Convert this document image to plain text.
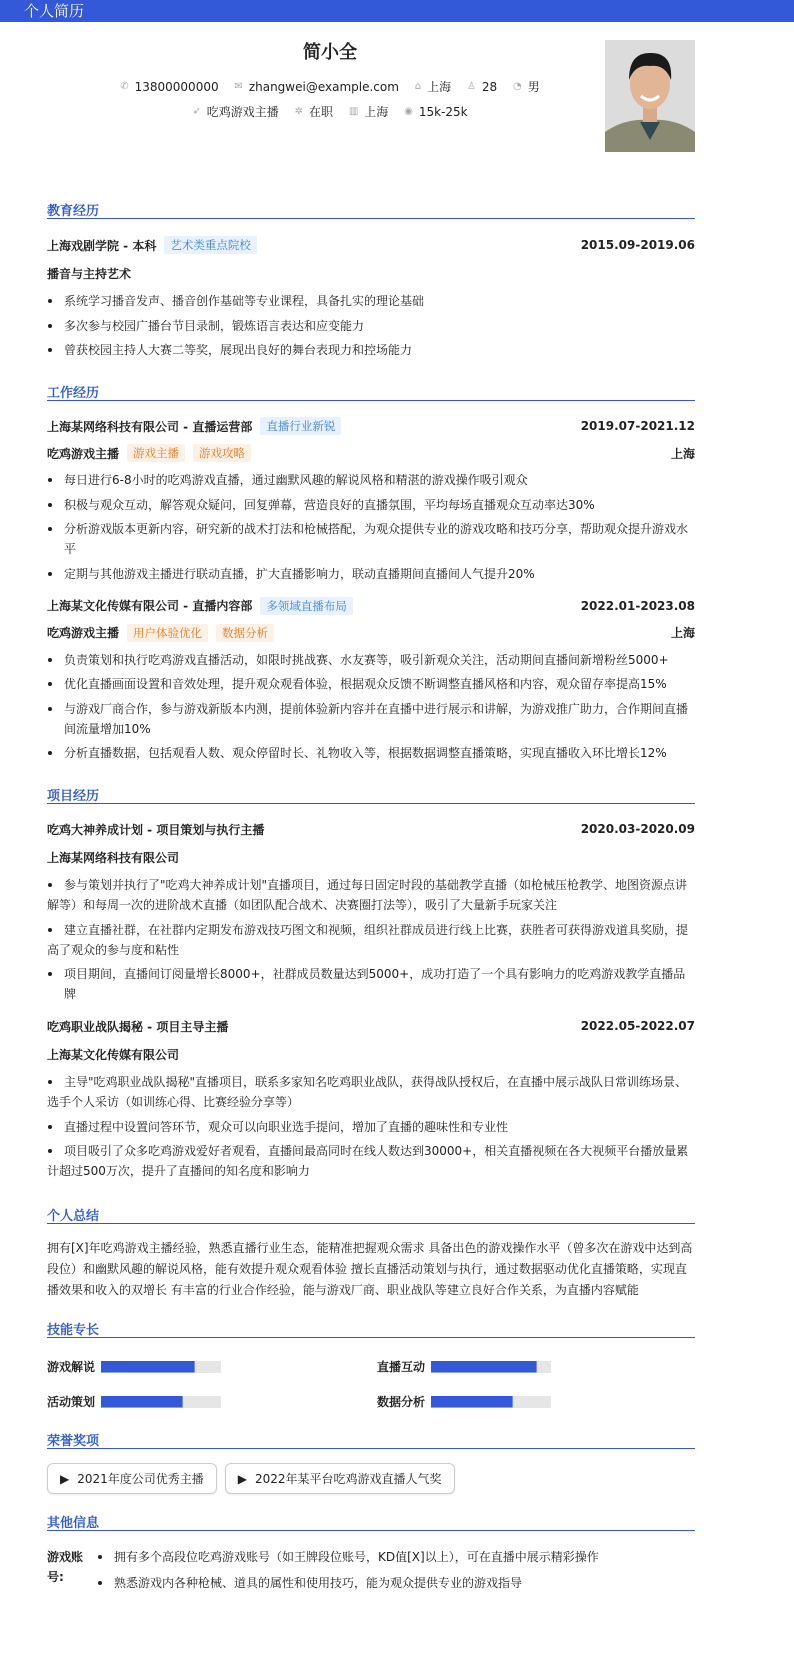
个人简历
简小全
✆ 13800000000
✉ zhangwei@example.com
⌂ 上海
♙ 28
◔ 男
➶ 吃鸡游戏主播
✲ 在职
▥ 上海
◉ 15k-25k
教育经历
上海戏剧学院 - 本科	艺术类重点院校	2015.09-2019.06
播音与主持艺术
系统学习播音发声、播音创作基础等专业课程，具备扎实的理论基础
多次参与校园广播台节目录制，锻炼语言表达和应变能力
曾获校园主持人大赛二等奖，展现出良好的舞台表现力和控场能力
工作经历
上海某网络科技有限公司 - 直播运营部	直播行业新锐	2019.07-2021.12
吃鸡游戏主播	游戏主播	游戏攻略	上海
每日进行6-8小时的吃鸡游戏直播，通过幽默风趣的解说风格和精湛的游戏操作吸引观众
积极与观众互动，解答观众疑问，回复弹幕，营造良好的直播氛围，平均每场直播观众互动率达30%
分析游戏版本更新内容，研究新的战术打法和枪械搭配，为观众提供专业的游戏攻略和技巧分享，帮助观众提升游戏水平
定期与其他游戏主播进行联动直播，扩大直播影响力，联动直播期间直播间人气提升20%
上海某文化传媒有限公司 - 直播内容部	多领域直播布局	2022.01-2023.08
吃鸡游戏主播	用户体验优化	数据分析	上海
负责策划和执行吃鸡游戏直播活动，如限时挑战赛、水友赛等，吸引新观众关注，活动期间直播间新增粉丝5000+
优化直播画面设置和音效处理，提升观众观看体验，根据观众反馈不断调整直播风格和内容，观众留存率提高15%
与游戏厂商合作，参与游戏新版本内测，提前体验新内容并在直播中进行展示和讲解，为游戏推广助力，合作期间直播间流量增加10%
分析直播数据，包括观看人数、观众停留时长、礼物收入等，根据数据调整直播策略，实现直播收入环比增长12%
项目经历
吃鸡大神养成计划 - 项目策划与执行主播	2020.03-2020.09
上海某网络科技有限公司
参与策划并执行了"吃鸡大神养成计划"直播项目，通过每日固定时段的基础教学直播（如枪械压枪教学、地图资源点讲解等）和每周一次的进阶战术直播（如团队配合战术、决赛圈打法等），吸引了大量新手玩家关注
建立直播社群，在社群内定期发布游戏技巧图文和视频，组织社群成员进行线上比赛，获胜者可获得游戏道具奖励，提高了观众的参与度和粘性
项目期间，直播间订阅量增长8000+，社群成员数量达到5000+，成功打造了一个具有影响力的吃鸡游戏教学直播品牌
吃鸡职业战队揭秘 - 项目主导主播	2022.05-2022.07
上海某文化传媒有限公司
主导"吃鸡职业战队揭秘"直播项目，联系多家知名吃鸡职业战队，获得战队授权后，在直播中展示战队日常训练场景、选手个人采访（如训练心得、比赛经验分享等）
直播过程中设置问答环节，观众可以向职业选手提问，增加了直播的趣味性和专业性
项目吸引了众多吃鸡游戏爱好者观看，直播间最高同时在线人数达到30000+，相关直播视频在各大视频平台播放量累计超过500万次，提升了直播间的知名度和影响力
个人总结

拥有[X]年吃鸡游戏主播经验，熟悉直播行业生态，能精准把握观众需求 具备出色的游戏操作水平（曾多次在游戏中达到高段位）和幽默风趣的解说风格，能有效提升观众观看体验 擅长直播活动策划与执行，通过数据驱动优化直播策略，实现直播效果和收入的双增长 有丰富的行业合作经验，能与游戏厂商、职业战队等建立良好合作关系，为直播内容赋能

技能专长
游戏解说	直播互动
活动策划	数据分析
荣誉奖项
▶ 2021年度公司优秀主播	▶ 2022年某平台吃鸡游戏直播人气奖
其他信息
游戏账号:
拥有多个高段位吃鸡游戏账号（如王牌段位账号，KD值[X]以上），可在直播中展示精彩操作
熟悉游戏内各种枪械、道具的属性和使用技巧，能为观众提供专业的游戏指导
